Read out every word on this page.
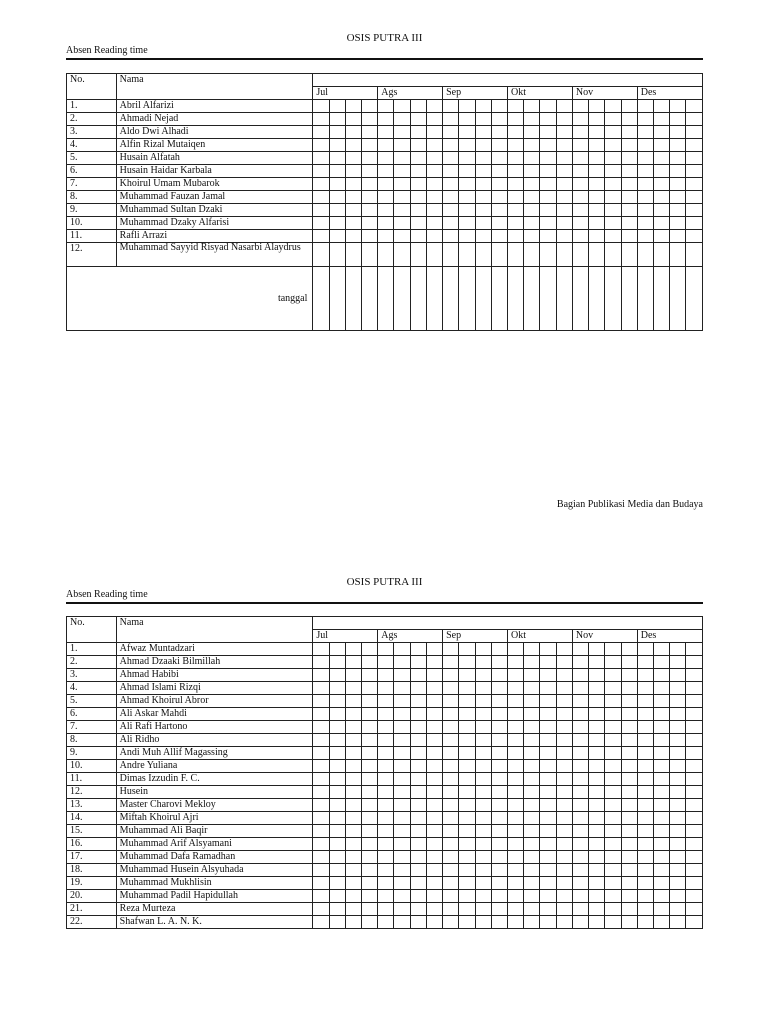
OSIS PUTRA III
Absen Reading time
No.	Nama																								
		Jul				Ags				Sep				Okt				Nov				Des			
1.	Abril Alfarizi																								
2.	Ahmadi Nejad																								
3.	Aldo Dwi Alhadi																								
4.	Alfin Rizal Mutaiqen																								
5.	Husain Alfatah																								
6.	Husain Haidar Karbala																								
7.	Khoirul Umam Mubarok																								
8.	Muhammad Fauzan Jamal																								
9.	Muhammad Sultan Dzaki																								
10.	Muhammad Dzaky Alfarisi																								
11.	Rafli Arrazi																								
12.	Muhammad Sayyid Risyad Nasarbi Alaydrus																								
tanggal																									
Bagian Publikasi Media dan Budaya
OSIS PUTRA III
Absen Reading time
No.	Nama																								
		Jul				Ags				Sep				Okt				Nov				Des			
1.	Afwaz Muntadzari																								
2.	Ahmad Dzaaki Bilmillah																								
3.	Ahmad Habibi																								
4.	Ahmad Islami Rizqi																								
5.	Ahmad Khoirul Abror																								
6.	Ali Askar Mahdi																								
7.	Ali Rafi Hartono																								
8.	Ali Ridho																								
9.	Andi Muh Allif Magassing																								
10.	Andre Yuliana																								
11.	Dimas Izzudin F. C.																								
12.	Husein																								
13.	Master Charovi Mekloy																								
14.	Miftah Khoirul Ajri																								
15.	Muhammad Ali Baqir																								
16.	Muhammad Arif Alsyamani																								
17.	Muhammad Dafa Ramadhan																								
18.	Muhammad Husein Alsyuhada																								
19.	Muhammad Mukhlisin																								
20.	Muhammad Padil Hapidullah																								
21.	Reza Murteza																								
22.	Shafwan L. A. N. K.																								
